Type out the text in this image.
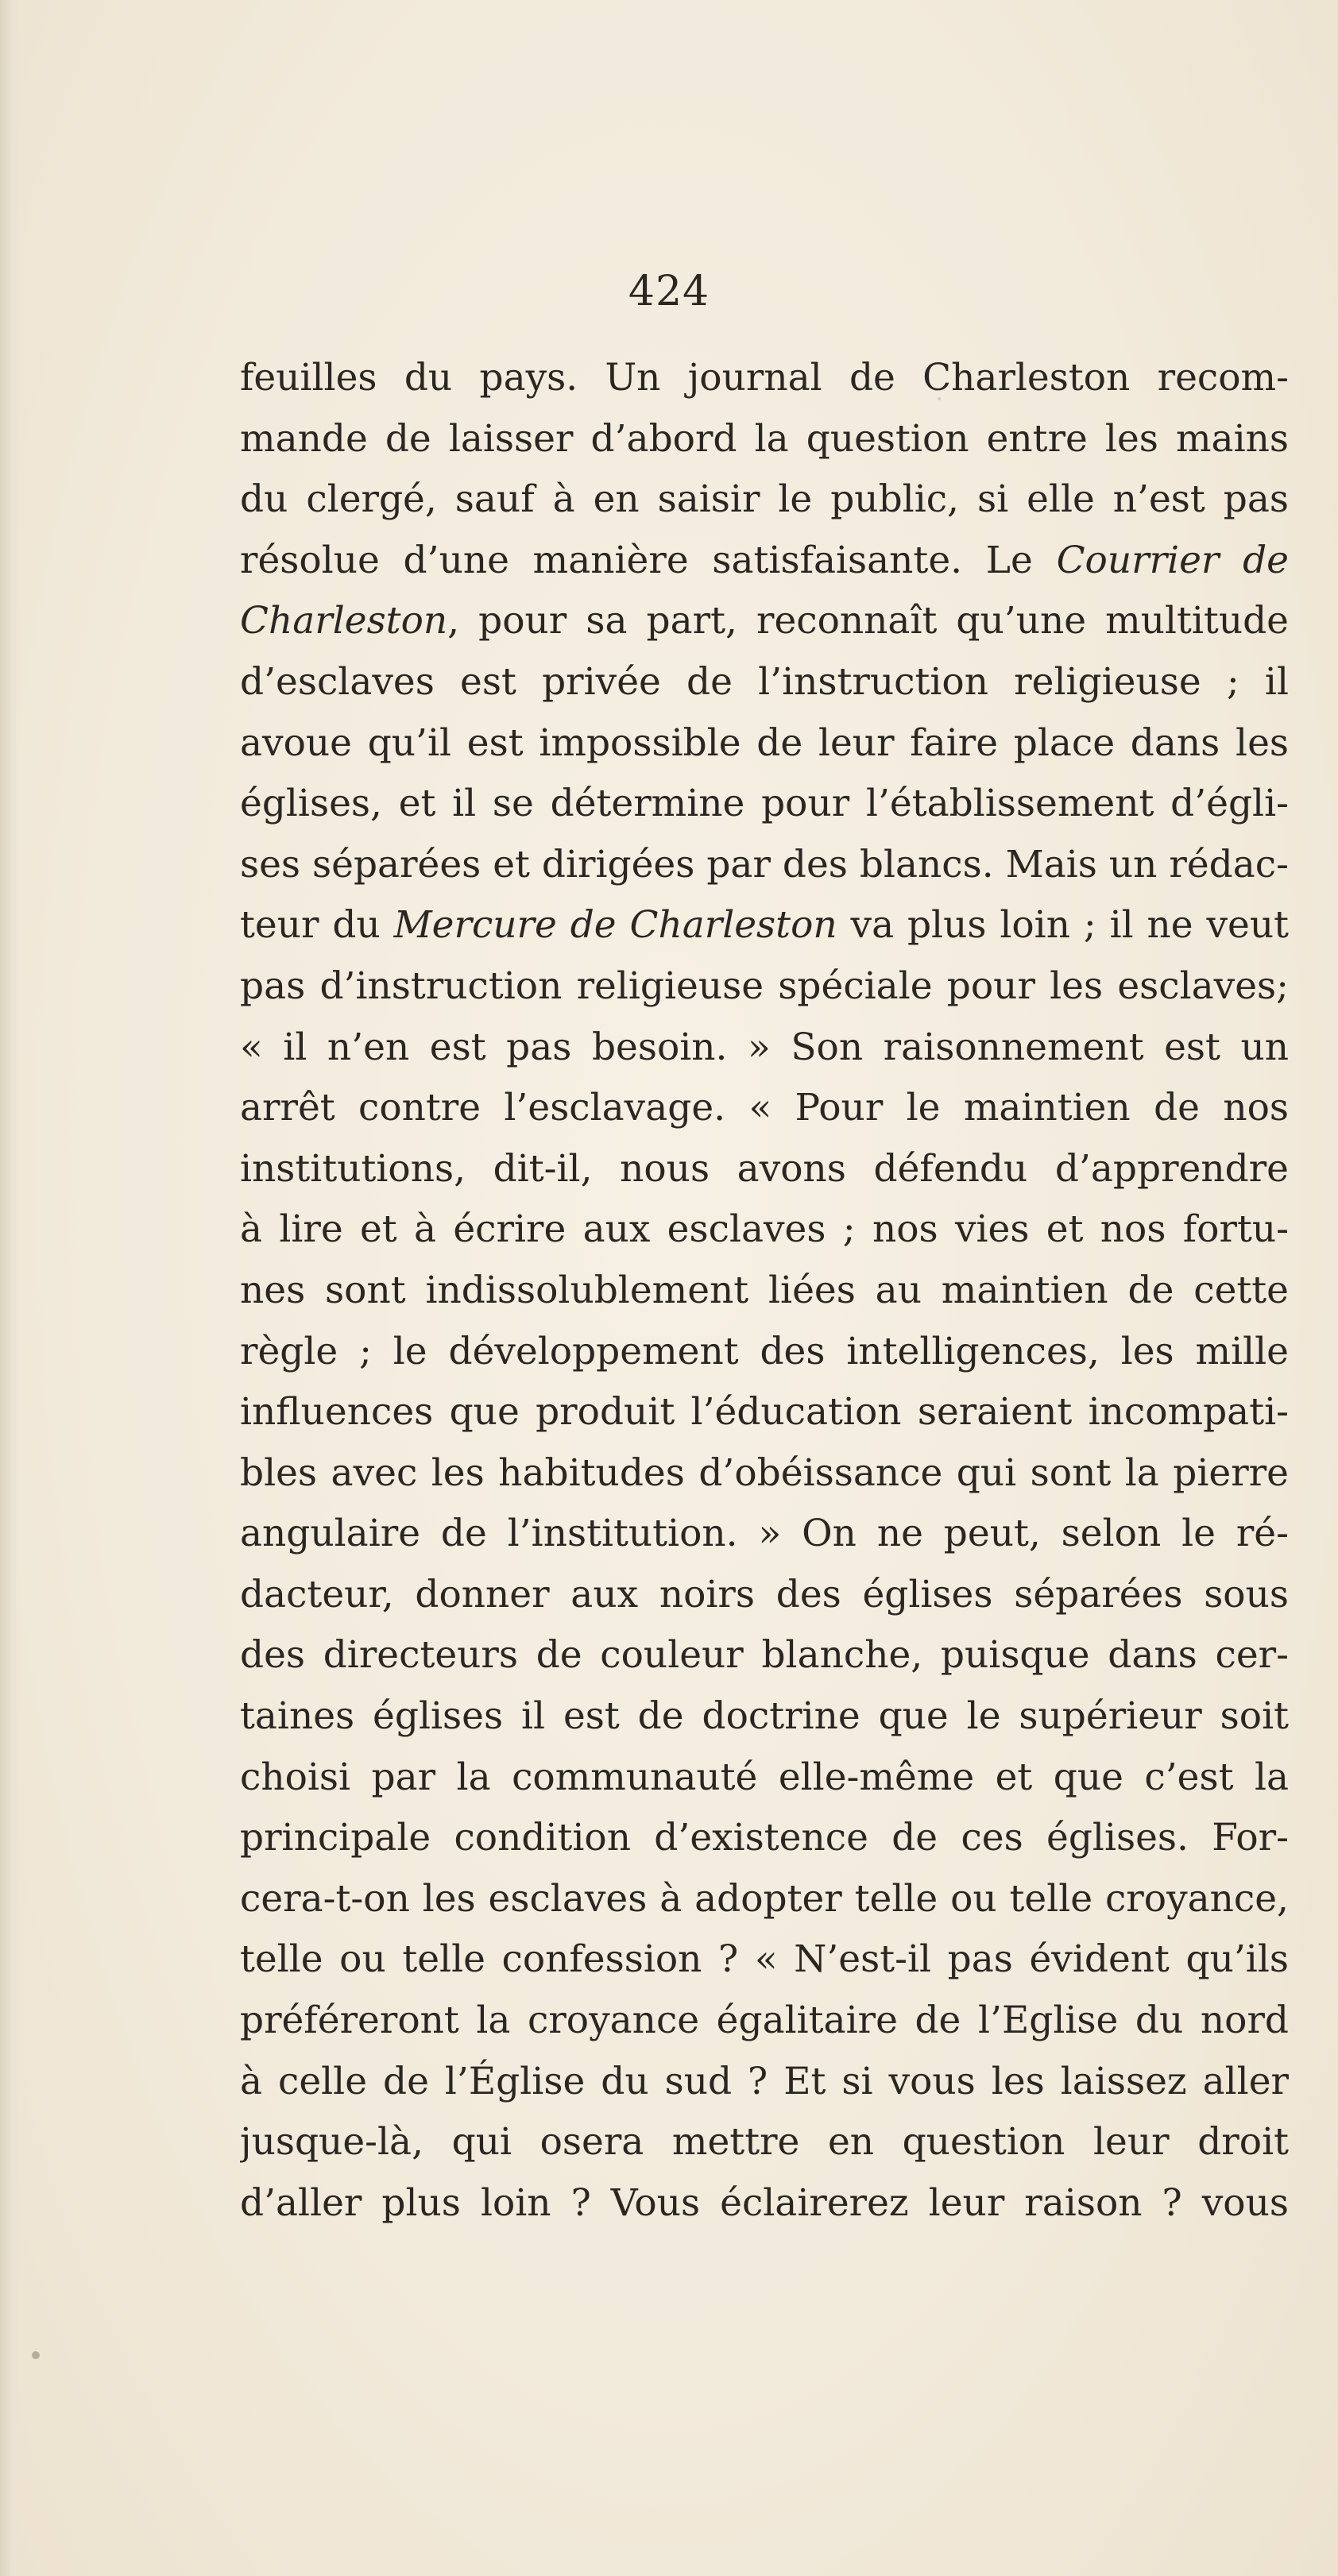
424
feuilles du pays. Un journal de Charleston recom-
mande de laisser d’abord la question entre les mains
du clergé, sauf à en saisir le public, si elle n’est pas
résolue d’une manière satisfaisante. Le Courrier de
Charleston, pour sa part, reconnaît qu’une multitude
d’esclaves est privée de l’instruction religieuse ; il
avoue qu’il est impossible de leur faire place dans les
églises, et il se détermine pour l’établissement d’égli-
ses séparées et dirigées par des blancs. Mais un rédac-
teur du Mercure de Charleston va plus loin ; il ne veut
pas d’instruction religieuse spéciale pour les esclaves;
« il n’en est pas besoin. » Son raisonnement est un
arrêt contre l’esclavage. « Pour le maintien de nos
institutions, dit-il, nous avons défendu d’apprendre
à lire et à écrire aux esclaves ; nos vies et nos fortu-
nes sont indissolublement liées au maintien de cette
règle ; le développement des intelligences, les mille
influences que produit l’éducation seraient incompati-
bles avec les habitudes d’obéissance qui sont la pierre
angulaire de l’institution. » On ne peut, selon le ré-
dacteur, donner aux noirs des églises séparées sous
des directeurs de couleur blanche, puisque dans cer-
taines églises il est de doctrine que le supérieur soit
choisi par la communauté elle-même et que c’est la
principale condition d’existence de ces églises. For-
cera-t-on les esclaves à adopter telle ou telle croyance,
telle ou telle confession ? « N’est-il pas évident qu’ils
préféreront la croyance égalitaire de l’Eglise du nord
à celle de l’Église du sud ? Et si vous les laissez aller
jusque-là, qui osera mettre en question leur droit
d’aller plus loin ? Vous éclairerez leur raison ? vous
